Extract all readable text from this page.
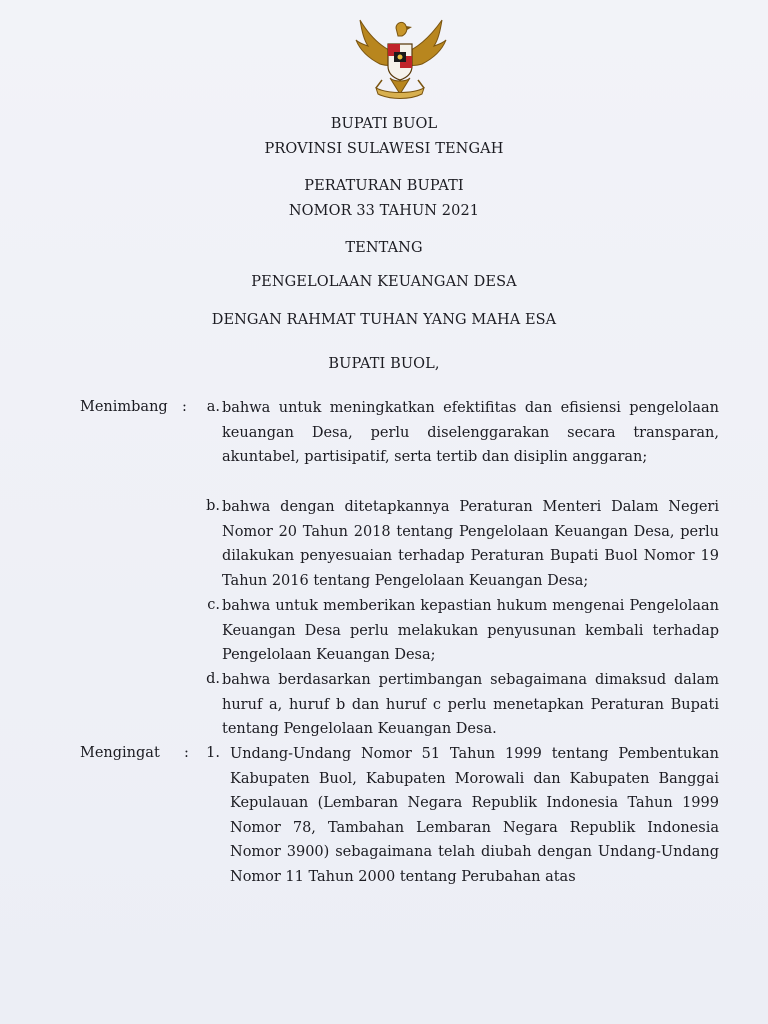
BUPATI BUOL
PROVINSI SULAWESI TENGAH
PERATURAN BUPATI
NOMOR 33 TAHUN 2021
TENTANG
PENGELOLAAN KEUANGAN DESA
DENGAN RAHMAT TUHAN YANG MAHA ESA
BUPATI BUOL,
Menimbang :	a. bahwa untuk meningkatkan efektifitas dan efisiensi pengelolaan keuangan Desa, perlu diselenggarakan secara transparan, akuntabel, partisipatif, serta tertib dan disiplin anggaran;
b. bahwa dengan ditetapkannya Peraturan Menteri Dalam Negeri Nomor 20 Tahun 2018 tentang Pengelolaan Keuangan Desa, perlu dilakukan penyesuaian terhadap Peraturan Bupati Buol Nomor 19 Tahun 2016 tentang Pengelolaan Keuangan Desa;
c. bahwa untuk memberikan kepastian hukum mengenai Pengelolaan Keuangan Desa perlu melakukan penyusunan kembali terhadap Pengelolaan Keuangan Desa;
d. bahwa berdasarkan pertimbangan sebagaimana dimaksud dalam huruf a, huruf b dan huruf c perlu menetapkan Peraturan Bupati tentang Pengelolaan Keuangan Desa.
Mengingat :	1. Undang-Undang Nomor 51 Tahun 1999 tentang Pembentukan Kabupaten Buol, Kabupaten Morowali dan Kabupaten Banggai Kepulauan (Lembaran Negara Republik Indonesia Tahun 1999 Nomor 78, Tambahan Lembaran Negara Republik Indonesia Nomor 3900) sebagaimana telah diubah dengan Undang-Undang Nomor 11 Tahun 2000 tentang Perubahan atas
